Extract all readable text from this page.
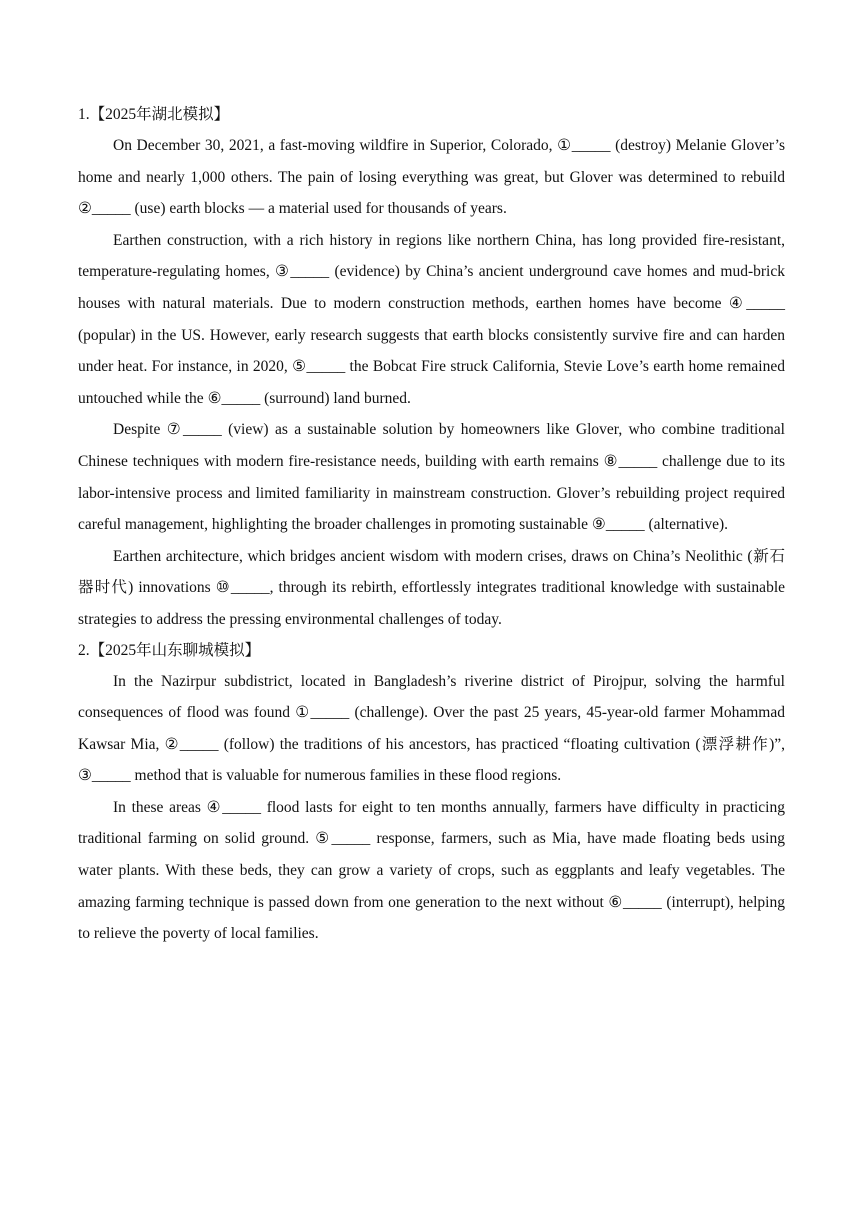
1.【2025年湖北模拟】

On December 30, 2021, a fast-moving wildfire in Superior, Colorado, ①_____ (destroy) Melanie Glover’s home and nearly 1,000 others. The pain of losing everything was great, but Glover was determined to rebuild ②_____ (use) earth blocks — a material used for thousands of years.

Earthen construction, with a rich history in regions like northern China, has long provided fire-resistant, temperature-regulating homes, ③_____ (evidence) by China’s ancient underground cave homes and mud-brick houses with natural materials. Due to modern construction methods, earthen homes have become ④_____ (popular) in the US. However, early research suggests that earth blocks consistently survive fire and can harden under heat. For instance, in 2020, ⑤_____ the Bobcat Fire struck California, Stevie Love’s earth home remained untouched while the ⑥_____ (surround) land burned.

Despite ⑦_____ (view) as a sustainable solution by homeowners like Glover, who combine traditional Chinese techniques with modern fire-resistance needs, building with earth remains ⑧_____ challenge due to its labor-intensive process and limited familiarity in mainstream construction. Glover’s rebuilding project required careful management, highlighting the broader challenges in promoting sustainable ⑨_____ (alternative).

Earthen architecture, which bridges ancient wisdom with modern crises, draws on China’s Neolithic (新石器时代) innovations ⑩_____, through its rebirth, effortlessly integrates traditional knowledge with sustainable strategies to address the pressing environmental challenges of today.

2.【2025年山东聊城模拟】

In the Nazirpur subdistrict, located in Bangladesh’s riverine district of Pirojpur, solving the harmful consequences of flood was found ①_____ (challenge). Over the past 25 years, 45-year-old farmer Mohammad Kawsar Mia, ②_____ (follow) the traditions of his ancestors, has practiced “floating cultivation (漂浮耕作)”, ③_____ method that is valuable for numerous families in these flood regions.

In these areas ④_____ flood lasts for eight to ten months annually, farmers have difficulty in practicing traditional farming on solid ground. ⑤_____ response, farmers, such as Mia, have made floating beds using water plants. With these beds, they can grow a variety of crops, such as eggplants and leafy vegetables. The amazing farming technique is passed down from one generation to the next without ⑥_____ (interrupt), helping to relieve the poverty of local families.
